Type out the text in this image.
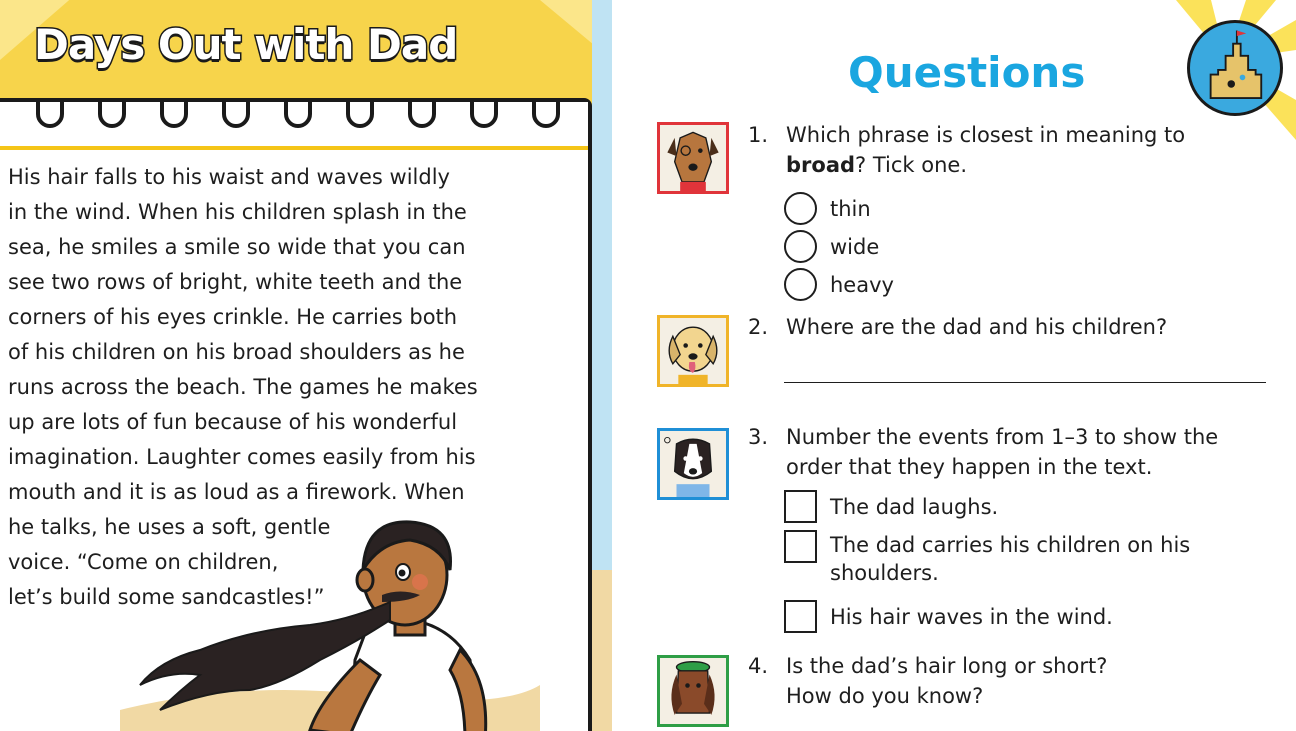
Days Out with Dad
His hair falls to his waist and waves wildly
in the wind. When his children splash in the
sea, he smiles a smile so wide that you can
see two rows of bright, white teeth and the
corners of his eyes crinkle. He carries both
of his children on his broad shoulders as he
runs across the beach. The games he makes
up are lots of fun because of his wonderful
imagination. Laughter comes easily from his
mouth and it is as loud as a firework. When
he talks, he uses a soft, gentle
voice. “Come on children,
let’s build some sandcastles!”
Questions
1. Which phrase is closest in meaning to
broad? Tick one.
thin
wide
heavy
2. Where are the dad and his children?
3. Number the events from 1–3 to show the
order that they happen in the text.
The dad laughs.
The dad carries his children on his
shoulders.
His hair waves in the wind.
4. Is the dad’s hair long or short?
How do you know?
